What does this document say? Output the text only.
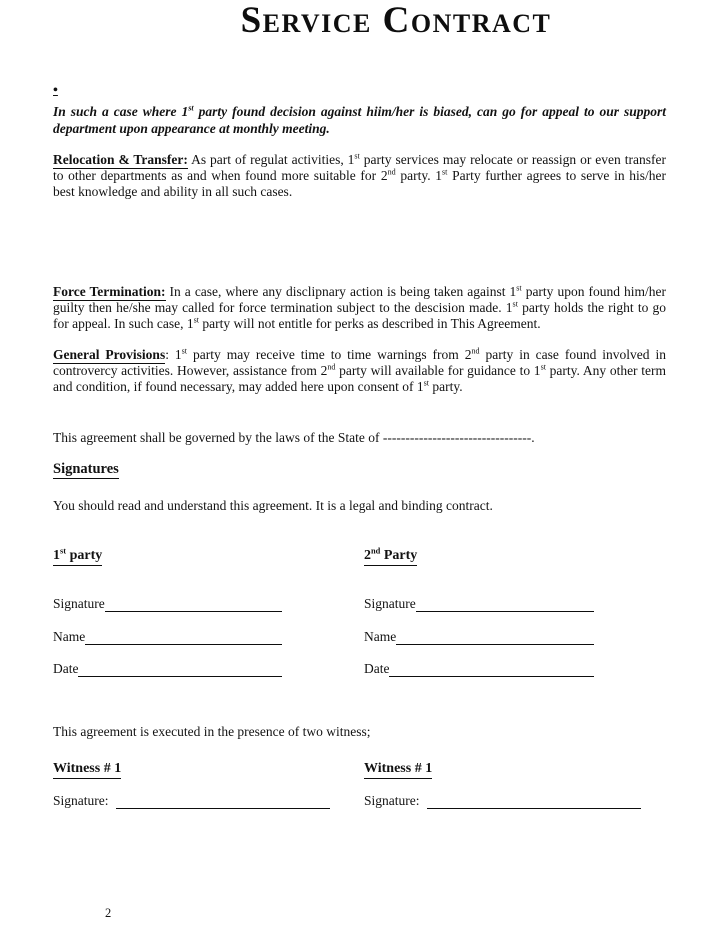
Service Contract
•

In such a case where 1st party found decision against hiim/her is biased, can go for appeal to our support department upon appearance at monthly meeting.

Relocation & Transfer: As part of regulat activities, 1st party services may relocate or reassign or even transfer to other departments as and when found more suitable for 2nd party. 1st Party further agrees to serve in his/her best knowledge and ability in all such cases.

Force Termination: In a case, where any disclipnary action is being taken against 1st party upon found him/her guilty then he/she may called for force termination subject to the descision made. 1st party holds the right to go for appeal. In such case, 1st party will not entitle for perks as described in This Agreement.

General Provisions: 1st party may receive time to time warnings from 2nd party in case found involved in controvercy activities. However, assistance from 2nd party will available for guidance to 1st party. Any other term and condition, if found necessary, may added here upon consent of 1st party.

This agreement shall be governed by the laws of the State of ---------------------------------.

Signatures

You should read and understand this agreement. It is a legal and binding contract.

1st party
Signature
Name
Date
2nd Party
Signature
Name
Date

This agreement is executed in the presence of two witness;

Witness # 1
Signature:
Witness # 1
Signature:
2
